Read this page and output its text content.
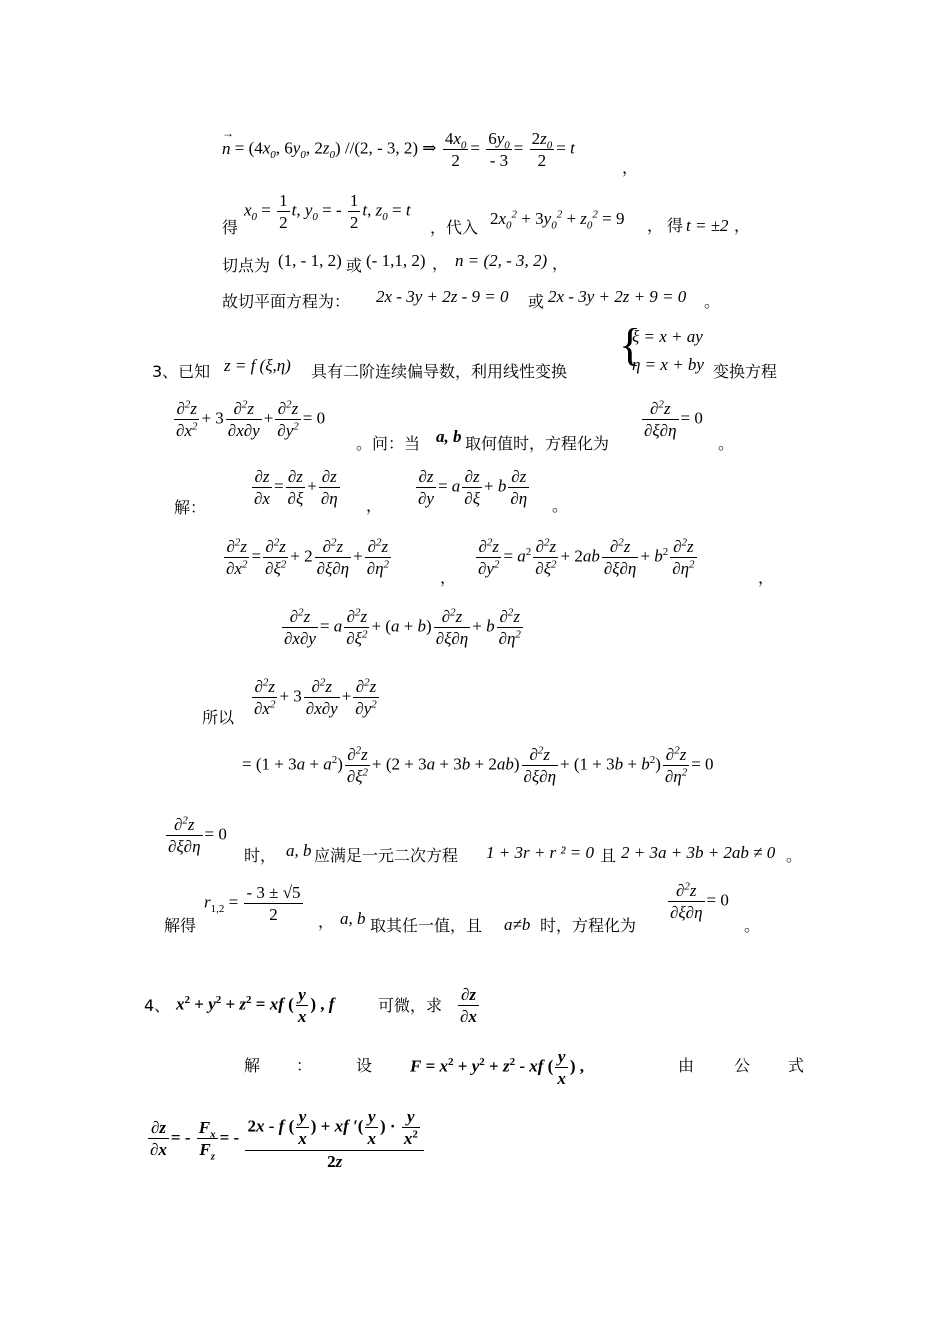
n
→
= ($4x_0$, $6y_0$, $2z_0$) //(2, - 3, 2) ⇒ $\frac{4x_0}{2} = \frac{6y_0}{- 3} = \frac{2z_0}{2} = t$
，
得
$x_0 = \frac{1}{2} t$, $y_0$ = - $\frac{1}{2} t$, $z_0 = t$
，代入 $2x_0^2 + 3y_0^2 + z_0^2 = 9$ ， 得 t = ±2 ，
切点为 (1, - 1, 2) 或 (- 1,1, 2) ， n = (2, - 3, 2) ，
故切平面方程为： 2x - 3y + 2z - 9 = 0 或 2x - 3y + 2z + 9 = 0 。
3、已知 z = f (ξ,η) 具有二阶连续偏导数，利用线性变换
{
ξ = x + ay
η = x + by 变换方程
$\frac{\partial^2z}{\partial x^2} + 3 \frac{\partial^2z}{\partial x\partial y} + \frac{\partial^2z}{\partial y^2} = 0$
。问：当 a, b 取何值时，方程化为
$\frac{\partial^2z}{\partial\xi\partial\eta} = 0$
。
解：	$\frac{\partial z}{\partial x} = \frac{\partial z}{\partial\xi} + \frac{\partial z}{\partial\eta}$ ， $\frac{\partial z}{\partial y} = a \frac{\partial z}{\partial\xi} + b \frac{\partial z}{\partial\eta}$ 。
$\frac{\partial^2z}{\partial x^2} = \frac{\partial^2z}{\partial\xi^2} + 2 \frac{\partial^2z}{\partial\xi\partial\eta} + \frac{\partial^2z}{\partial\eta^2}$	， $\frac{\partial^2z}{\partial y^2} = a^2 \frac{\partial^2z}{\partial\xi^2} + 2ab \frac{\partial^2z}{\partial\xi\partial\eta} + b^2 \frac{\partial^2z}{\partial\eta^2}$	，
$\frac{\partial^2z}{\partial x\partial y} = a \frac{\partial^2z}{\partial\xi^2} + (a + b) \frac{\partial^2z}{\partial\xi\partial\eta} + b \frac{\partial^2z}{\partial\eta^2}$
$\frac{\partial^2z}{\partial x^2} + 3 \frac{\partial^2z}{\partial x\partial y} + \frac{\partial^2z}{\partial y^2}$
所以
= $(1 + 3a + a^2) \frac{\partial^2z}{\partial\xi^2} + (2 + 3a + 3b + 2ab) \frac{\partial^2z}{\partial\xi\partial\eta} + (1 + 3b + b^2) \frac{\partial^2z}{\partial\eta^2} = 0$
$\frac{\partial^2z}{\partial\xi\partial\eta} = 0$
时， a, b 应满足一元二次方程 1 + 3r + r ² = 0 且 2 + 3a + 3b + 2ab ≠ 0 。
解得
$r_{1,2} = \frac{- 3 \pm √5}{2}$ ， a, b 取其任一值，且 a≠b 时，方程化为
$\frac{\partial^2z}{\partial\xi\partial\eta} = 0$
。
4、 $x^2 + y^2 + z^2$ = xf ( $\frac{y}{x}$ ) , f	可微，求 $\frac{\partial z}{\partial x}$
解 ：	设 $F = x^2 + y^2 + z^2$ - xf ( $\frac{y}{x}$ ) ,	由 公 式
$\frac{\partial z}{\partial x}$ = - $\frac{F_x}{F_z}$ = - $\frac{2x - f ( \frac{y}{x} ) + xf '( \frac{y}{x} ) \cdot \frac{y}{x^2}}{2z}$
